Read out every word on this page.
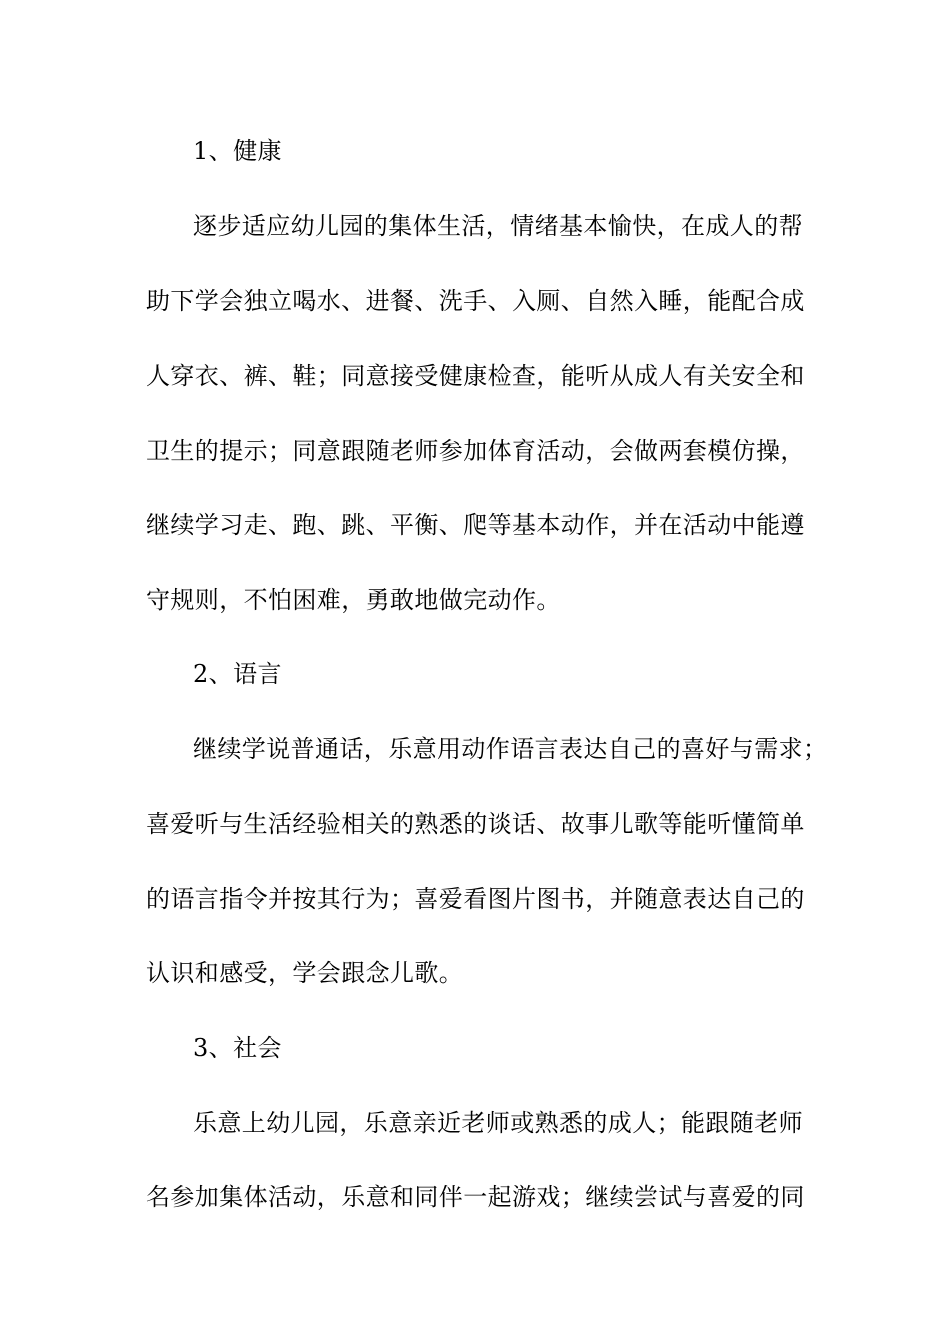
1、健康
逐步适应幼儿园的集体生活，情绪基本愉快，在成人的帮
助下学会独立喝水、进餐、洗手、入厕、自然入睡，能配合成
人穿衣、裤、鞋；同意接受健康检查，能听从成人有关安全和
卫生的提示；同意跟随老师参加体育活动，会做两套模仿操，
继续学习走、跑、跳、平衡、爬等基本动作，并在活动中能遵
守规则，不怕困难，勇敢地做完动作。
2、语言
继续学说普通话，乐意用动作语言表达自己的喜好与需求；
喜爱听与生活经验相关的熟悉的谈话、故事儿歌等能听懂简单
的语言指令并按其行为；喜爱看图片图书，并随意表达自己的
认识和感受，学会跟念儿歌。
3、社会
乐意上幼儿园，乐意亲近老师或熟悉的成人；能跟随老师
名参加集体活动，乐意和同伴一起游戏；继续尝试与喜爱的同
